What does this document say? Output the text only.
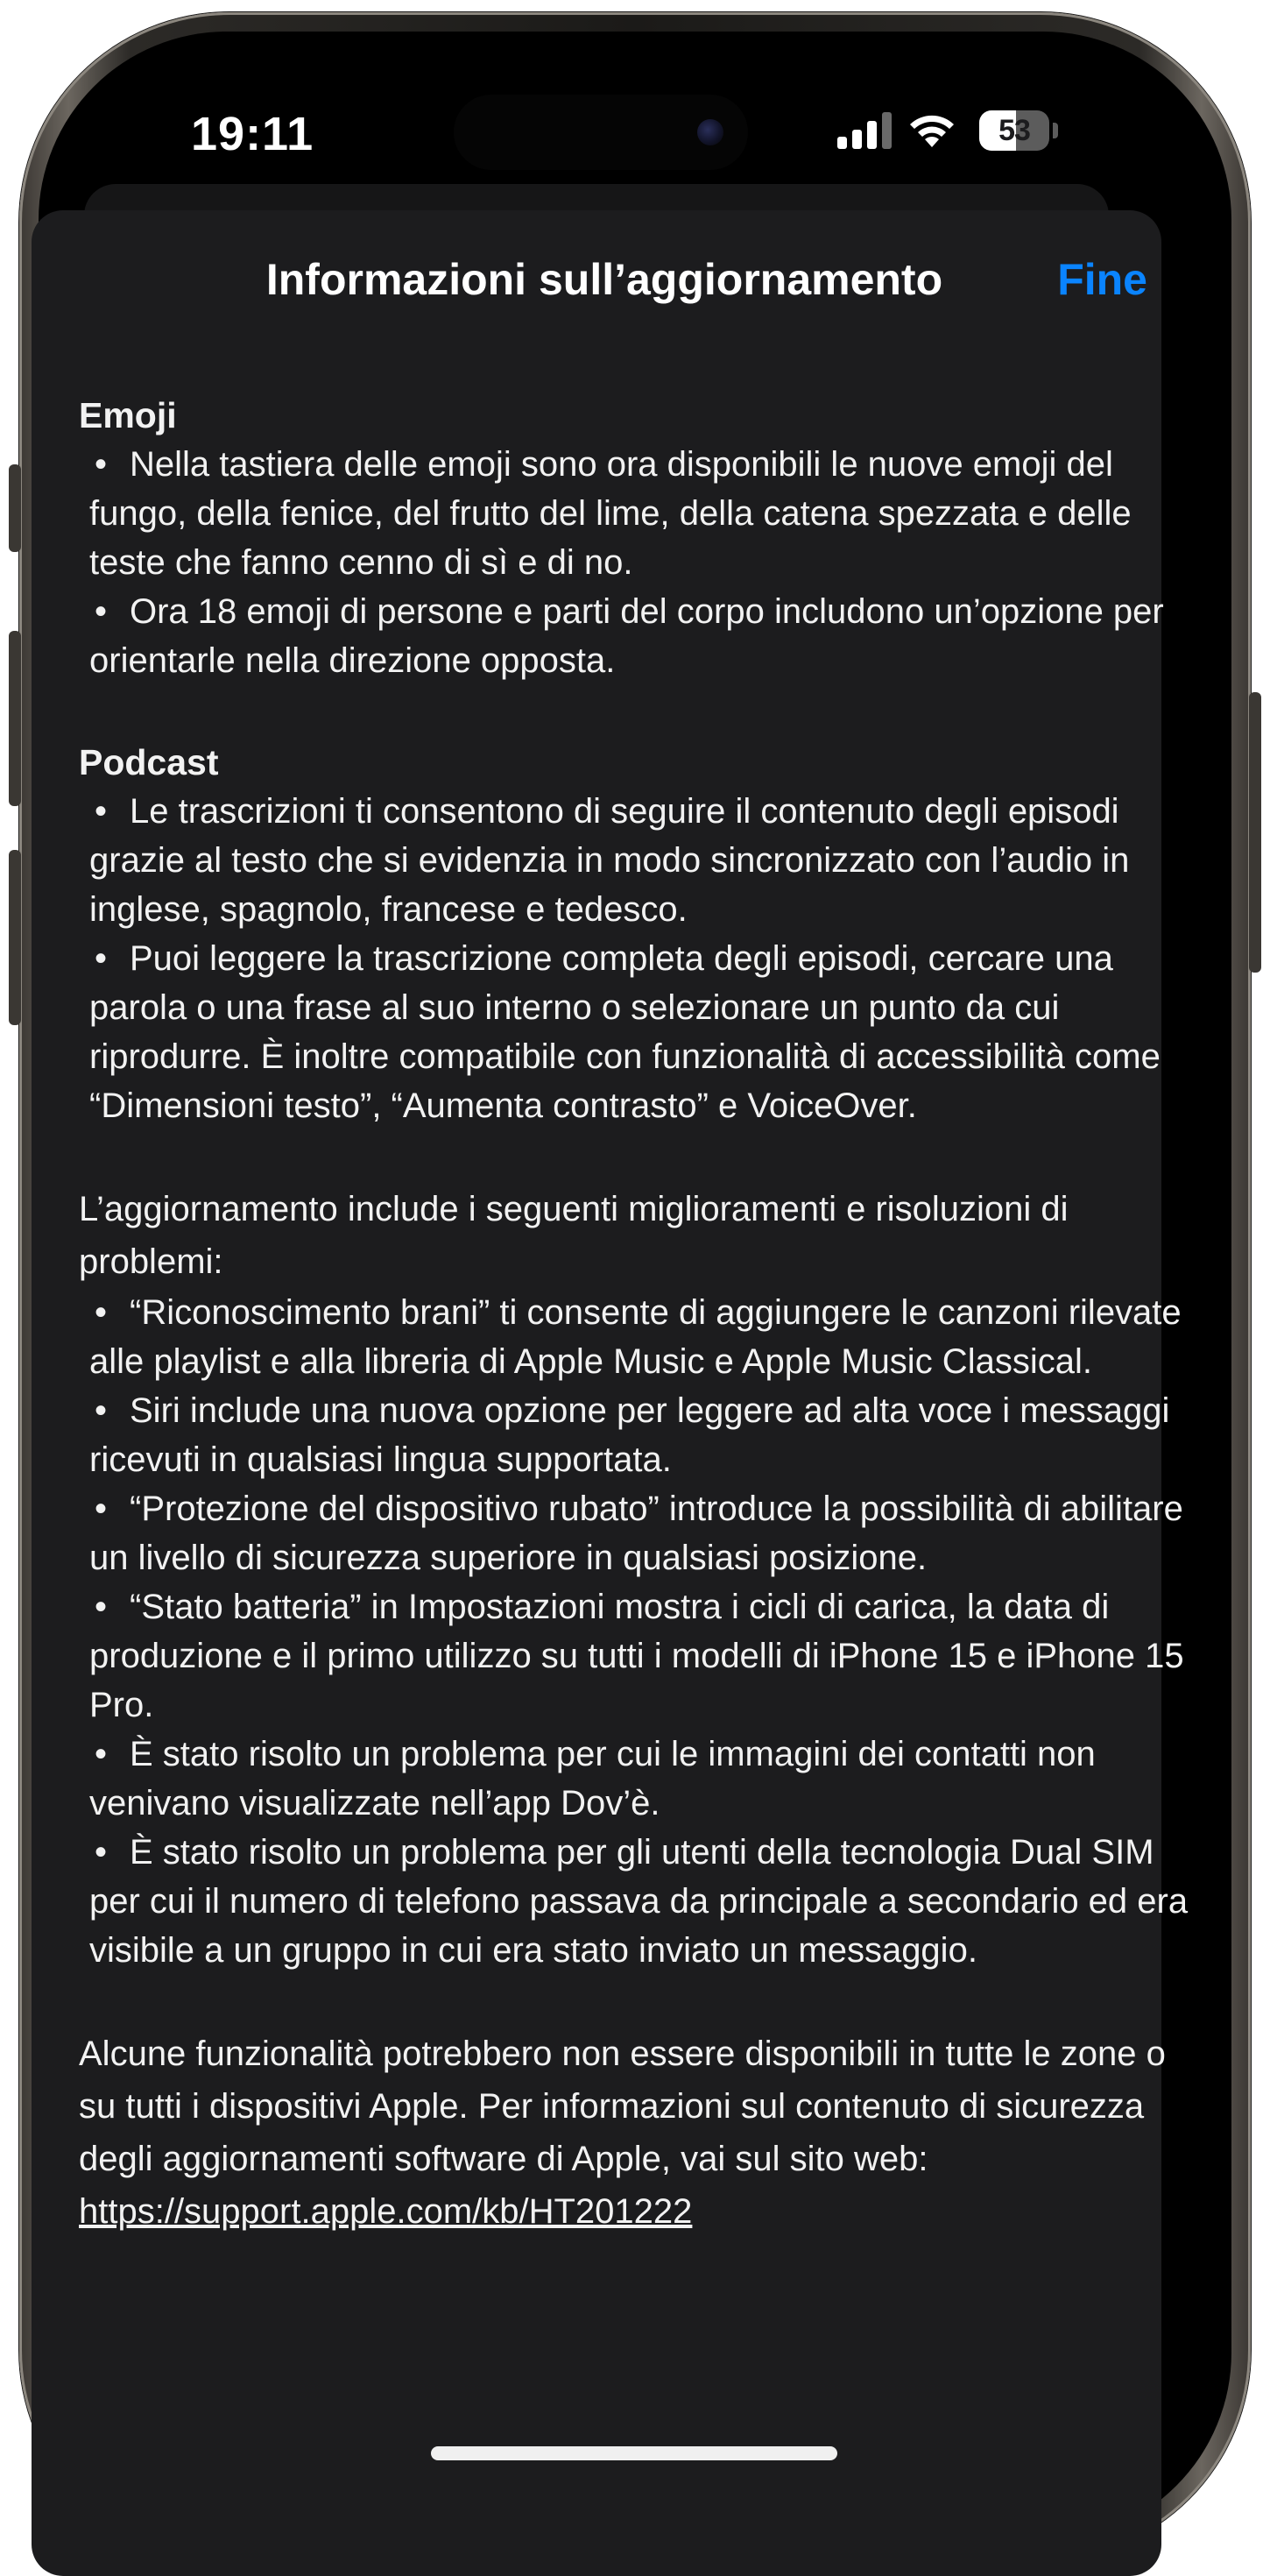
19:11	53
Informazioni sull’aggiornamento	Fine
Emoji
• Nella tastiera delle emoji sono ora disponibili le nuove emoji del fungo, della fenice, del frutto del lime, della catena spezzata e delle teste che fanno cenno di sì e di no.
• Ora 18 emoji di persone e parti del corpo includono un’opzione per orientarle nella direzione opposta.
Podcast
• Le trascrizioni ti consentono di seguire il contenuto degli episodi grazie al testo che si evidenzia in modo sincronizzato con l’audio in inglese, spagnolo, francese e tedesco.
• Puoi leggere la trascrizione completa degli episodi, cercare una parola o una frase al suo interno o selezionare un punto da cui riprodurre. È inoltre compatibile con funzionalità di accessibilità come “Dimensioni testo”, “Aumenta contrasto” e VoiceOver.

L’aggiornamento include i seguenti miglioramenti e risoluzioni di problemi:

• “Riconoscimento brani” ti consente di aggiungere le canzoni rilevate alle playlist e alla libreria di Apple Music e Apple Music Classical.
• Siri include una nuova opzione per leggere ad alta voce i messaggi ricevuti in qualsiasi lingua supportata.
• “Protezione del dispositivo rubato” introduce la possibilità di abilitare un livello di sicurezza superiore in qualsiasi posizione.
• “Stato batteria” in Impostazioni mostra i cicli di carica, la data di produzione e il primo utilizzo su tutti i modelli di iPhone 15 e iPhone 15 Pro.
• È stato risolto un problema per cui le immagini dei contatti non venivano visualizzate nell’app Dov’è.
• È stato risolto un problema per gli utenti della tecnologia Dual SIM per cui il numero di telefono passava da principale a secondario ed era visibile a un gruppo in cui era stato inviato un messaggio.

Alcune funzionalità potrebbero non essere disponibili in tutte le zone o su tutti i dispositivi Apple. Per informazioni sul contenuto di sicurezza degli aggiornamenti software di Apple, vai sul sito web:
https://support.apple.com/kb/HT201222
